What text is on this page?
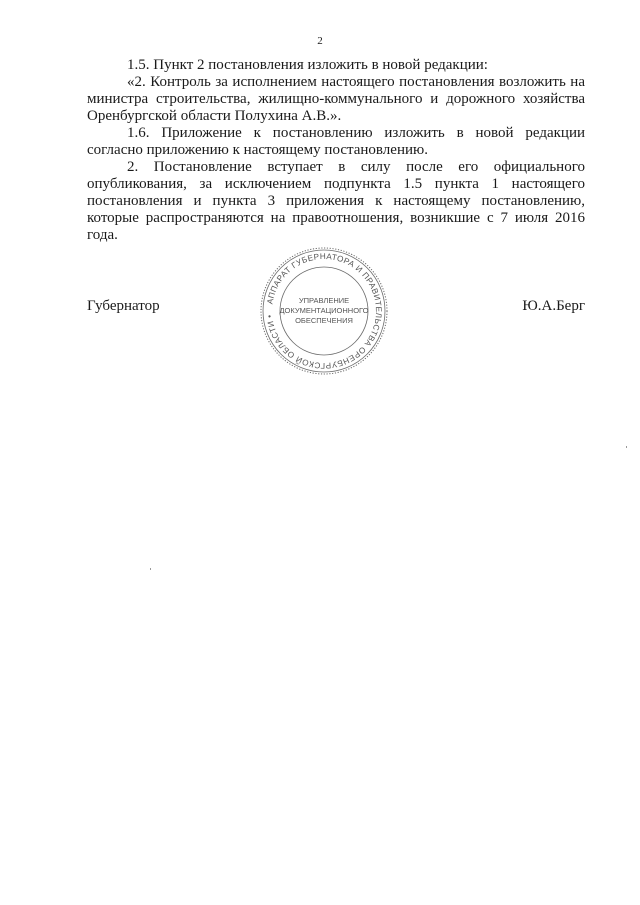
2

1.5. Пункт 2 постановления изложить в новой редакции:

«2. Контроль за исполнением настоящего постановления возложить на министра строительства, жилищно-коммунального и дорожного хозяйства Оренбургской области Полухина А.В.».

1.6. Приложение к постановлению изложить в новой редакции согласно приложению к настоящему постановлению.

2. Постановление вступает в силу после его официального опубликования, за исключением подпункта 1.5 пункта 1 настоящего постановления и пункта 3 приложения к настоящему постановлению, которые распространяются на правоотношения, возникшие с 7 июля 2016 года.

АППАРАТ ГУБЕРНАТОРА И ПРАВИТЕЛЬСТВА ОРЕНБУРГСКОЙ ОБЛАСТИ •
УПРАВЛЕНИЕ
ДОКУМЕНТАЦИОННОГО
ОБЕСПЕЧЕНИЯ
Губернатор	Ю.А.Берг
